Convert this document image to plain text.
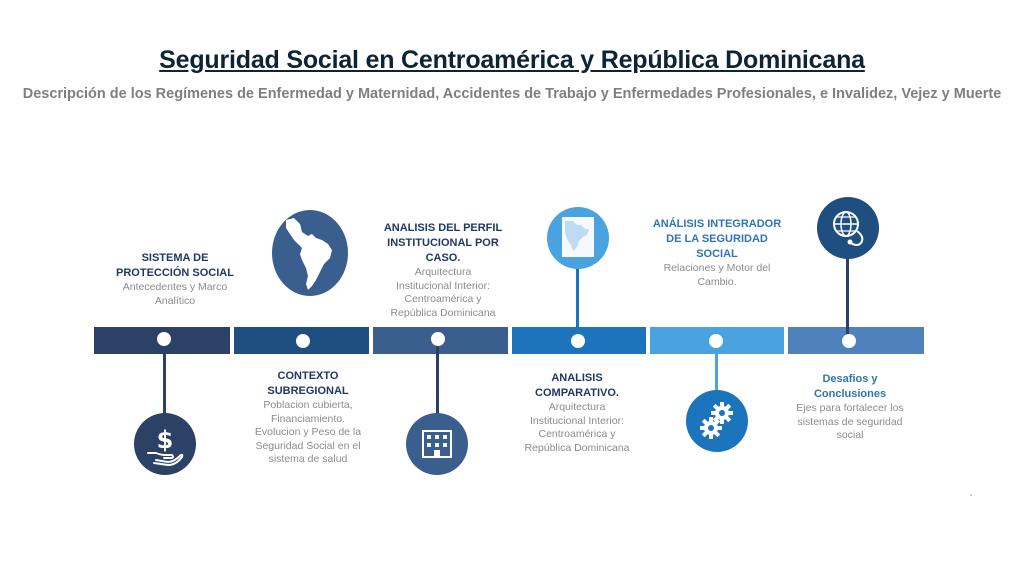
Seguridad Social en Centroamérica y República Dominicana
Descripción de los Regímenes de Enfermedad y Maternidad, Accidentes de Trabajo y Enfermedades Profesionales, e Invalidez, Vejez y Muerte
$
SISTEMA DE
PROTECCIÓN SOCIAL
Antecedentes y Marco
Analítico
CONTEXTO
SUBREGIONAL
Poblacion cubierta,
Financiamiento.
Evolucion y Peso de la
Seguridad Social en el
sistema de salud
ANALISIS DEL PERFIL
INSTITUCIONAL POR
CASO.
Arquitectura
Institucional Interior:
Centroamérica y
República Dominicana
ANALISIS
COMPARATIVO.
Arquitectura
Institucional Interior:
Centroamérica y
República Dominicana
ANÁLISIS INTEGRADOR
DE LA SEGURIDAD
SOCIAL
Relaciones y Motor del
Cambio.
Desafios y
Conclusiones
Ejes para fortalecer los
sistemas de seguridad
social
